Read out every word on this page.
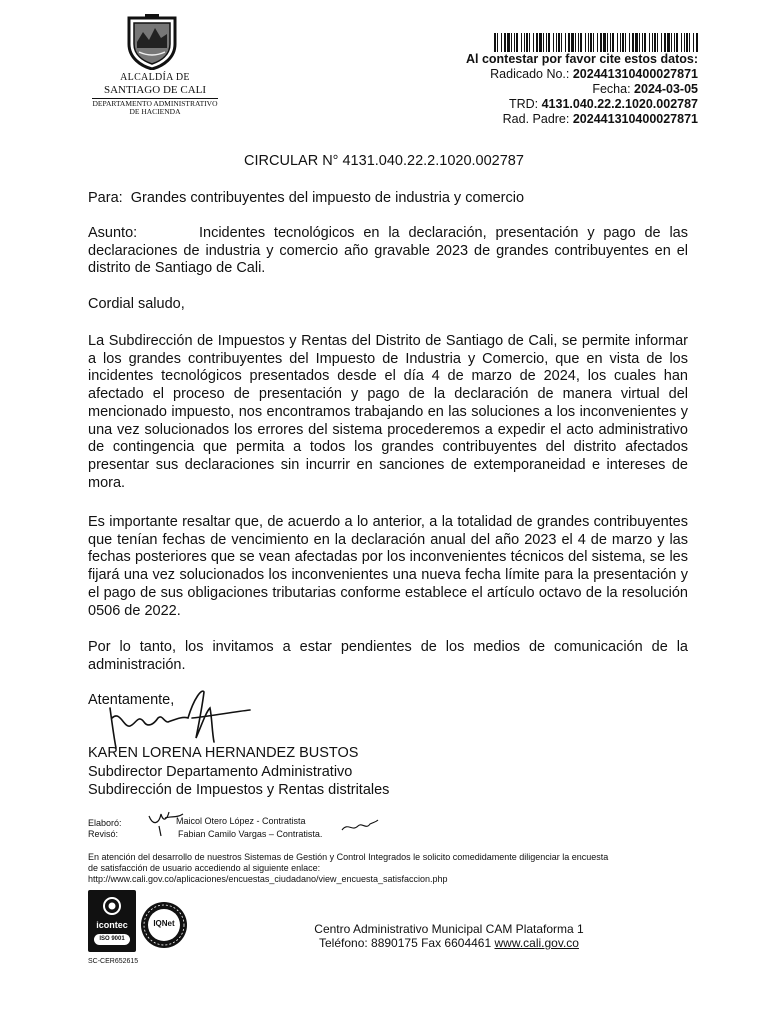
ALCALDÍA DE
SANTIAGO DE CALI
DEPARTAMENTO ADMINISTRATIVO
DE HACIENDA
Al contestar por favor cite estos datos:
Radicado No.: 202441310400027871
Fecha: 2024-03-05
TRD: 4131.040.22.2.1020.002787
Rad. Padre: 202441310400027871
CIRCULAR N° 4131.040.22.2.1020.002787
Para:  Grandes contribuyentes del impuesto de industria y comercio
Asunto:       Incidentes tecnológicos en la declaración, presentación y pago de las declaraciones de industria y comercio año gravable 2023 de grandes contribuyentes en el distrito de Santiago de Cali.
Cordial saludo,
La Subdirección de Impuestos y Rentas del Distrito de Santiago de Cali, se permite informar a los grandes contribuyentes del Impuesto de Industria y Comercio, que en vista de los incidentes tecnológicos presentados desde el día 4 de marzo de 2024, los cuales han afectado el proceso de presentación y pago de la declaración de manera virtual del mencionado impuesto, nos encontramos trabajando en las soluciones a los inconvenientes y una vez solucionados los errores del sistema procederemos a expedir el acto administrativo de contingencia que permita a todos los grandes contribuyentes del distrito afectados presentar sus declaraciones sin incurrir en sanciones de extemporaneidad e intereses de mora.
Es importante resaltar que, de acuerdo a lo anterior, a la totalidad de grandes contribuyentes que tenían fechas de vencimiento en la declaración anual del año 2023 el 4 de marzo y las fechas posteriores que se vean afectadas por los inconvenientes técnicos del sistema, se les fijará una vez solucionados los inconvenientes una nueva fecha límite para la presentación y el pago de sus obligaciones tributarias conforme establece el artículo octavo de la resolución 0506 de 2022.
Por lo tanto, los invitamos a estar pendientes de los medios de comunicación de la administración.
Atentamente,
KAREN LORENA HERNANDEZ BUSTOS
Subdirector Departamento Administrativo
Subdirección de Impuestos y Rentas distritales
Elaboró:	Maicol Otero López - Contratista
Revisó:	Fabian Camilo Vargas – Contratista.
En atención del desarrollo de nuestros Sistemas de Gestión y Control Integrados le solicito comedidamente diligenciar la encuesta
de satisfacción de usuario accediendo al siguiente enlace:
http://www.cali.gov.co/aplicaciones/encuestas_ciudadano/view_encuesta_satisfaccion.php
icontec
ISO 9001
IQNet
SC-CER652615
Centro Administrativo Municipal CAM Plataforma 1
Teléfono: 8890175 Fax 6604461 www.cali.gov.co
